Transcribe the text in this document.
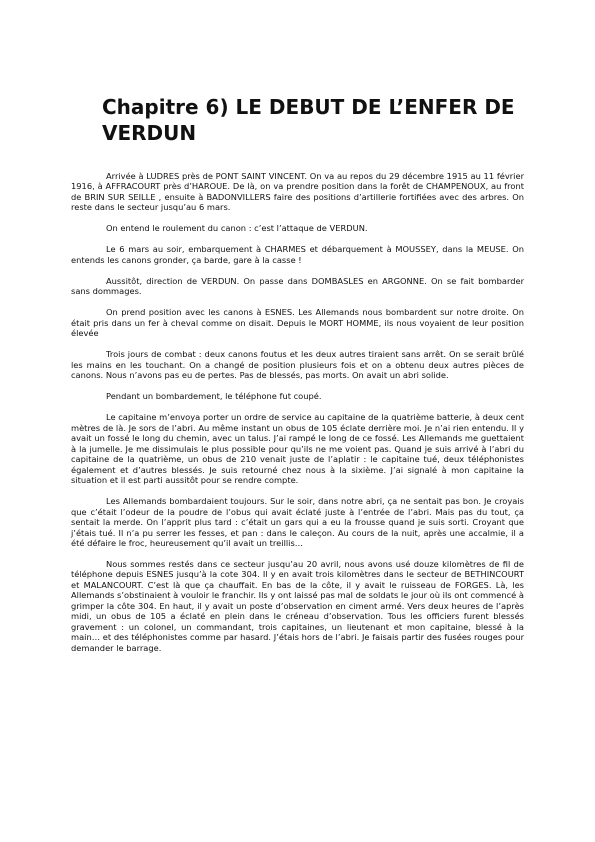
Chapitre 6) LE DEBUT DE L’ENFER DE VERDUN

Arrivée à LUDRES près de PONT SAINT VINCENT. On va au repos du 29 décembre 1915 au 11 février 1916, à AFFRACOURT près d’HAROUE. De là, on va prendre position dans la forêt de CHAMPENOUX, au front de BRIN SUR SEILLE , ensuite à BADONVILLERS faire des positions d’artillerie fortifiées avec des arbres. On reste dans le secteur jusqu’au 6 mars.

On entend le roulement du canon : c’est l’attaque de VERDUN.

Le 6 mars au soir, embarquement à CHARMES et débarquement à MOUSSEY, dans la MEUSE. On entends les canons gronder, ça barde, gare à la casse !

Aussitôt, direction de VERDUN. On passe dans DOMBASLES en ARGONNE. On se fait bombarder sans dommages.

On prend position avec les canons à ESNES. Les Allemands nous bombardent sur notre droite. On était pris dans un fer à cheval comme on disait. Depuis le MORT HOMME, ils nous voyaient de leur position élevée

Trois jours de combat : deux canons foutus et les deux autres tiraient sans arrêt. On se serait brûlé les mains en les touchant. On a changé de position plusieurs fois et on a obtenu deux autres pièces de canons. Nous n’avons pas eu de pertes. Pas de blessés, pas morts. On avait un abri solide.

Pendant un bombardement, le téléphone fut coupé.

Le capitaine m’envoya porter un ordre de service au capitaine de la quatrième batterie, à deux cent mètres de là. Je sors de l’abri. Au même instant un obus de 105 éclate derrière moi. Je n’ai rien entendu. Il y avait un fossé le long du chemin, avec un talus. J’ai rampé le long de ce fossé. Les Allemands me guettaient à la jumelle. Je me dissimulais le plus possible pour qu’ils ne me voient pas. Quand je suis arrivé à l’abri du capitaine de la quatrième, un obus de 210 venait juste de l’aplatir : le capitaine tué, deux téléphonistes également et d’autres blessés. Je suis retourné chez nous à la sixième. J’ai signalé à mon capitaine la situation et il est parti aussitôt pour se rendre compte.

Les Allemands bombardaient toujours. Sur le soir, dans notre abri, ça ne sentait pas bon. Je croyais que c’était l’odeur de la poudre de l’obus qui avait éclaté juste à l’entrée de l’abri. Mais pas du tout, ça sentait la merde. On l’apprit plus tard : c’était un gars qui a eu la frousse quand je suis sorti. Croyant que j’étais tué. Il n’a pu serrer les fesses, et pan : dans le caleçon. Au cours de la nuit, après une accalmie, il a été défaire le froc, heureusement qu’il avait un treillis…

Nous sommes restés dans ce secteur jusqu’au 20 avril, nous avons usé douze kilomètres de fil de téléphone depuis ESNES jusqu’à la cote 304. Il y en avait trois kilomètres dans le secteur de BETHINCOURT et MALANCOURT. C’est là que ça chauffait. En bas de la côte, il y avait le ruisseau de FORGES. Là, les Allemands s’obstinaient à vouloir le franchir. Ils y ont laissé pas mal de soldats le jour où ils ont commencé à grimper la côte 304. En haut, il y avait un poste d’observation en ciment armé. Vers deux heures de l’après midi, un obus de 105 a éclaté en plein dans le créneau d’observation. Tous les officiers furent blessés gravement : un colonel, un commandant, trois capitaines, un lieutenant et mon capitaine, blessé à la main… et des téléphonistes comme par hasard. J’étais hors de l’abri. Je faisais partir des fusées rouges pour demander le barrage.
